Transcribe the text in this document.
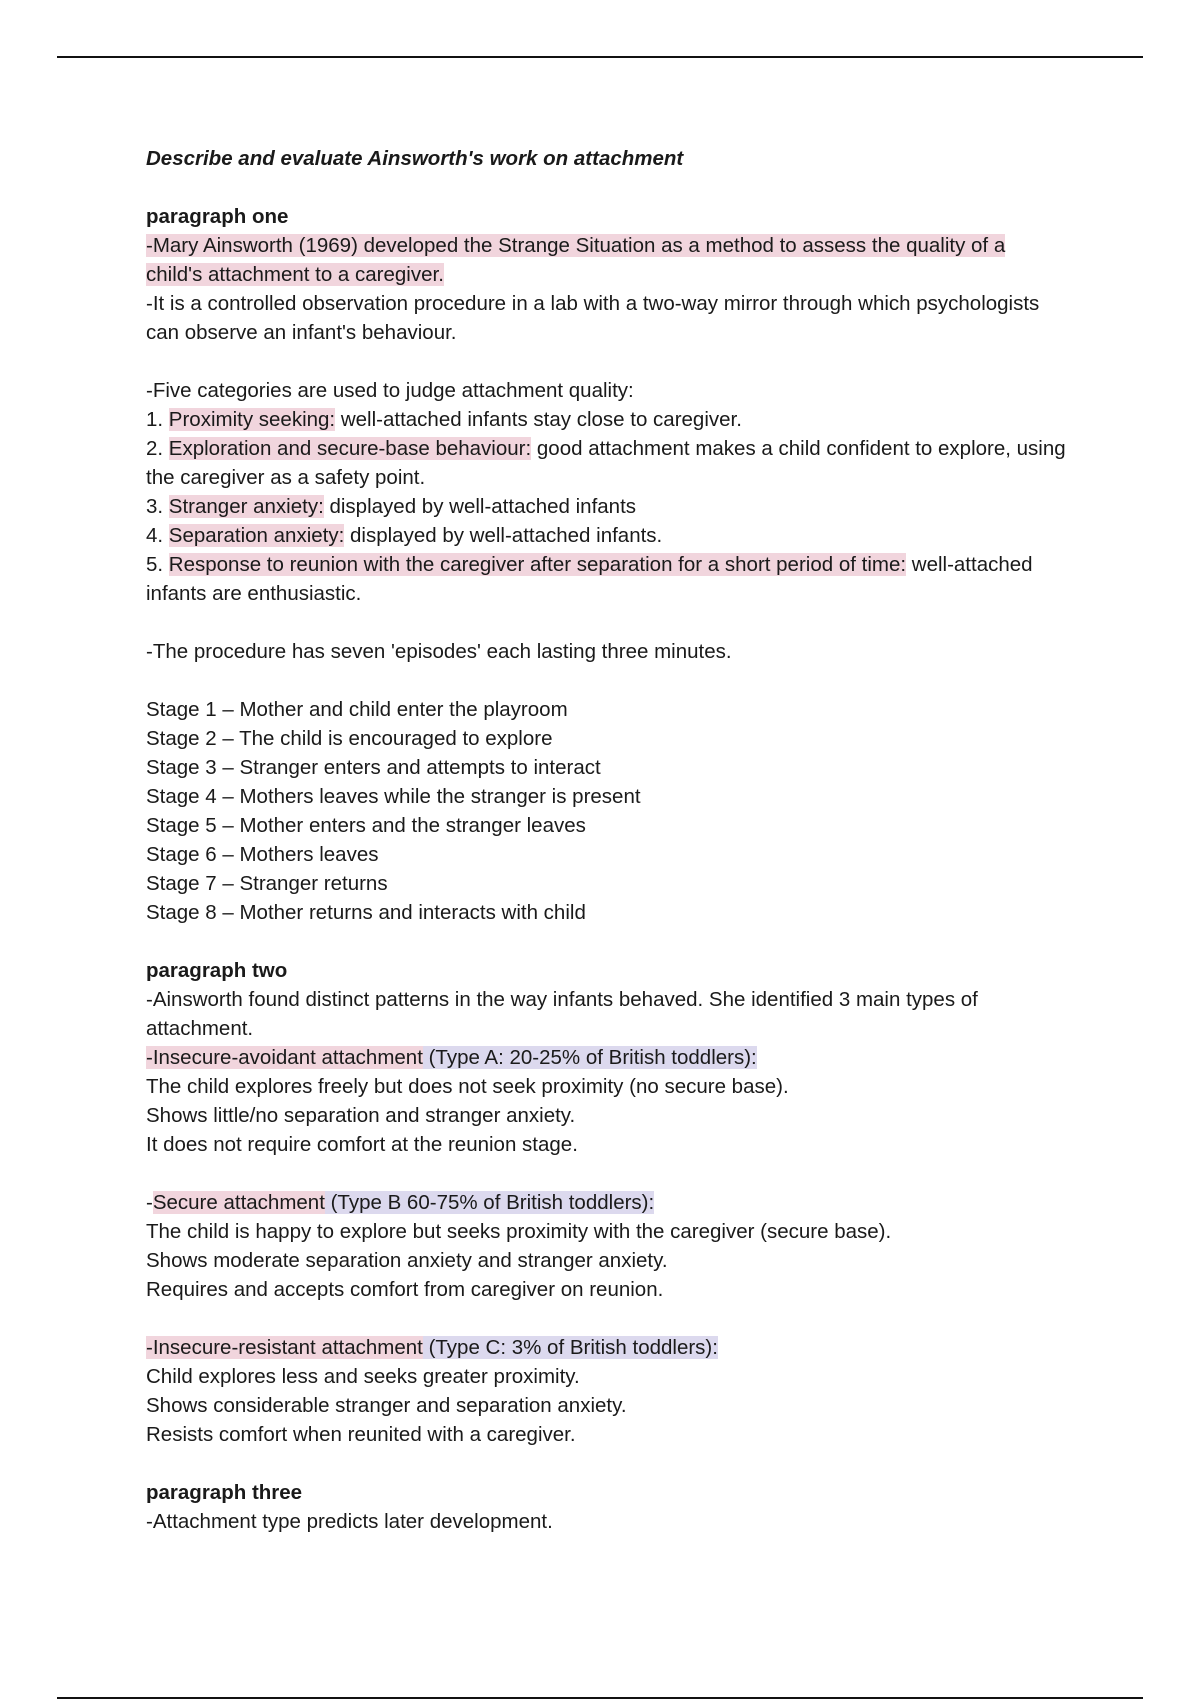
Describe and evaluate Ainsworth's work on attachment

paragraph one

-Mary Ainsworth (1969) developed the Strange Situation as a method to assess the quality of a child's attachment to a caregiver.

-It is a controlled observation procedure in a lab with a two-way mirror through which psychologists can observe an infant's behaviour.

-Five categories are used to judge attachment quality:

1. Proximity seeking: well-attached infants stay close to caregiver.

2. Exploration and secure-base behaviour: good attachment makes a child confident to explore, using the caregiver as a safety point.

3. Stranger anxiety: displayed by well-attached infants

4. Separation anxiety: displayed by well-attached infants.

5. Response to reunion with the caregiver after separation for a short period of time: well-attached infants are enthusiastic.

-The procedure has seven 'episodes' each lasting three minutes.

Stage 1 – Mother and child enter the playroom

Stage 2 – The child is encouraged to explore

Stage 3 – Stranger enters and attempts to interact

Stage 4 – Mothers leaves while the stranger is present

Stage 5 – Mother enters and the stranger leaves

Stage 6 – Mothers leaves

Stage 7 – Stranger returns

Stage 8 – Mother returns and interacts with child

paragraph two

-Ainsworth found distinct patterns in the way infants behaved. She identified 3 main types of attachment.

-Insecure-avoidant attachment (Type A: 20-25% of British toddlers):

The child explores freely but does not seek proximity (no secure base).

Shows little/no separation and stranger anxiety.

It does not require comfort at the reunion stage.

-Secure attachment (Type B 60-75% of British toddlers):

The child is happy to explore but seeks proximity with the caregiver (secure base).

Shows moderate separation anxiety and stranger anxiety.

Requires and accepts comfort from caregiver on reunion.

-Insecure-resistant attachment (Type C: 3% of British toddlers):

Child explores less and seeks greater proximity.

Shows considerable stranger and separation anxiety.

Resists comfort when reunited with a caregiver.

paragraph three

-Attachment type predicts later development.
